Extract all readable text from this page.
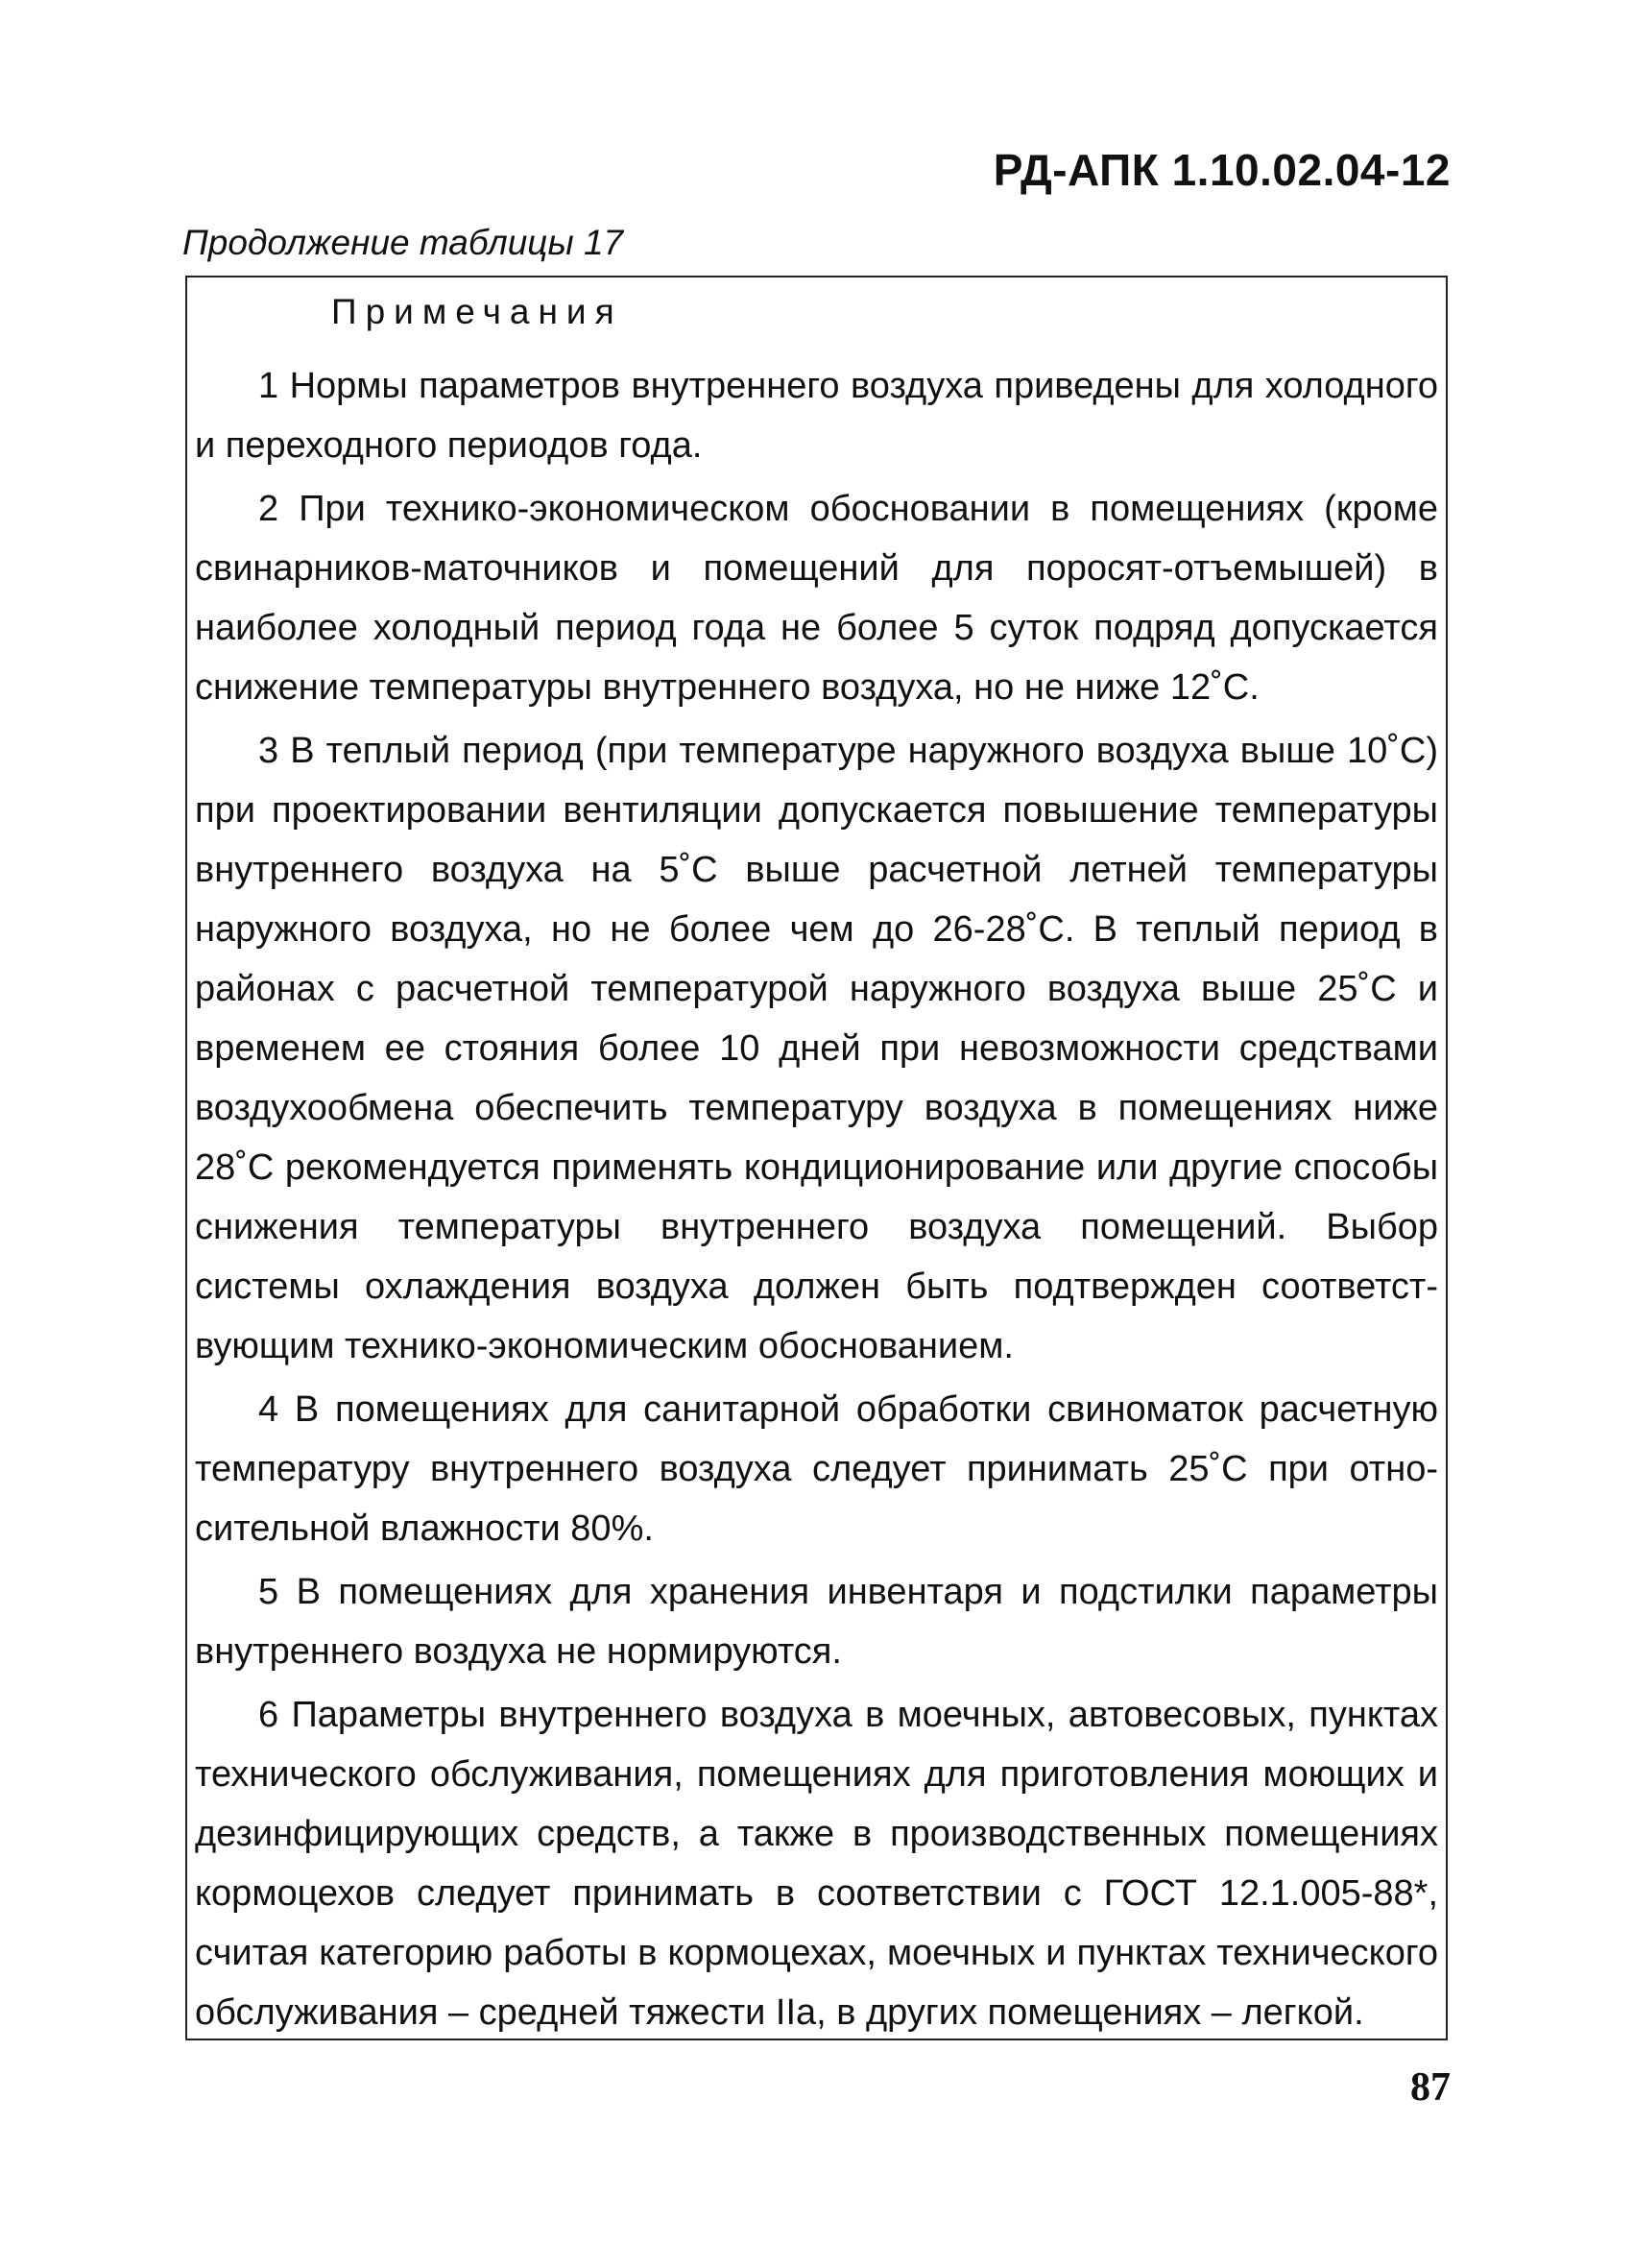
РД-АПК 1.10.02.04-12
Продолжение таблицы 17
Примечания

1 Нормы параметров внутреннего воздуха приведены для холодного и переходного периодов года.

2 При технико-экономическом обосновании в помещениях (кроме свинарников-маточников и помещений для поросят-отъемышей) в наиболее холодный период года не более 5 суток подряд допускается снижение температуры внутреннего воздуха, но не ниже 12˚С.

3 В теплый период (при температуре наружного воздуха выше 10˚С) при проектировании вентиляции допускается повышение температуры внутреннего воздуха на 5˚С выше расчетной летней температуры наружного воздуха, но не более чем до 26-28˚С. В теплый период в районах с расчетной температурой наружного воздуха выше 25˚С и временем ее стояния более 10 дней при невозможности средствами воздухообмена обеспечить температуру воздуха в помещениях ниже 28˚С рекомендуется применять кондиционирование или другие способы снижения температуры внутреннего воздуха помещений. Выбор системы охлаждения воздуха должен быть подтвержден соответствующим технико-экономическим обоснованием.

4 В помещениях для санитарной обработки свиноматок расчетную температуру внутреннего воздуха следует принимать 25˚С при относительной влажности 80%.

5 В помещениях для хранения инвентаря и подстилки параметры внутреннего воздуха не нормируются.

6 Параметры внутреннего воздуха в моечных, автовесовых, пунктах технического обслуживания, помещениях для приготовления моющих и дезинфицирующих средств, а также в производственных помещениях кормоцехов следует принимать в соответствии с ГОСТ 12.1.005-88*, считая категорию работы в кормоцехах, моечных и пунктах технического обслуживания – средней тяжести IIа, в других помещениях – легкой.

87
